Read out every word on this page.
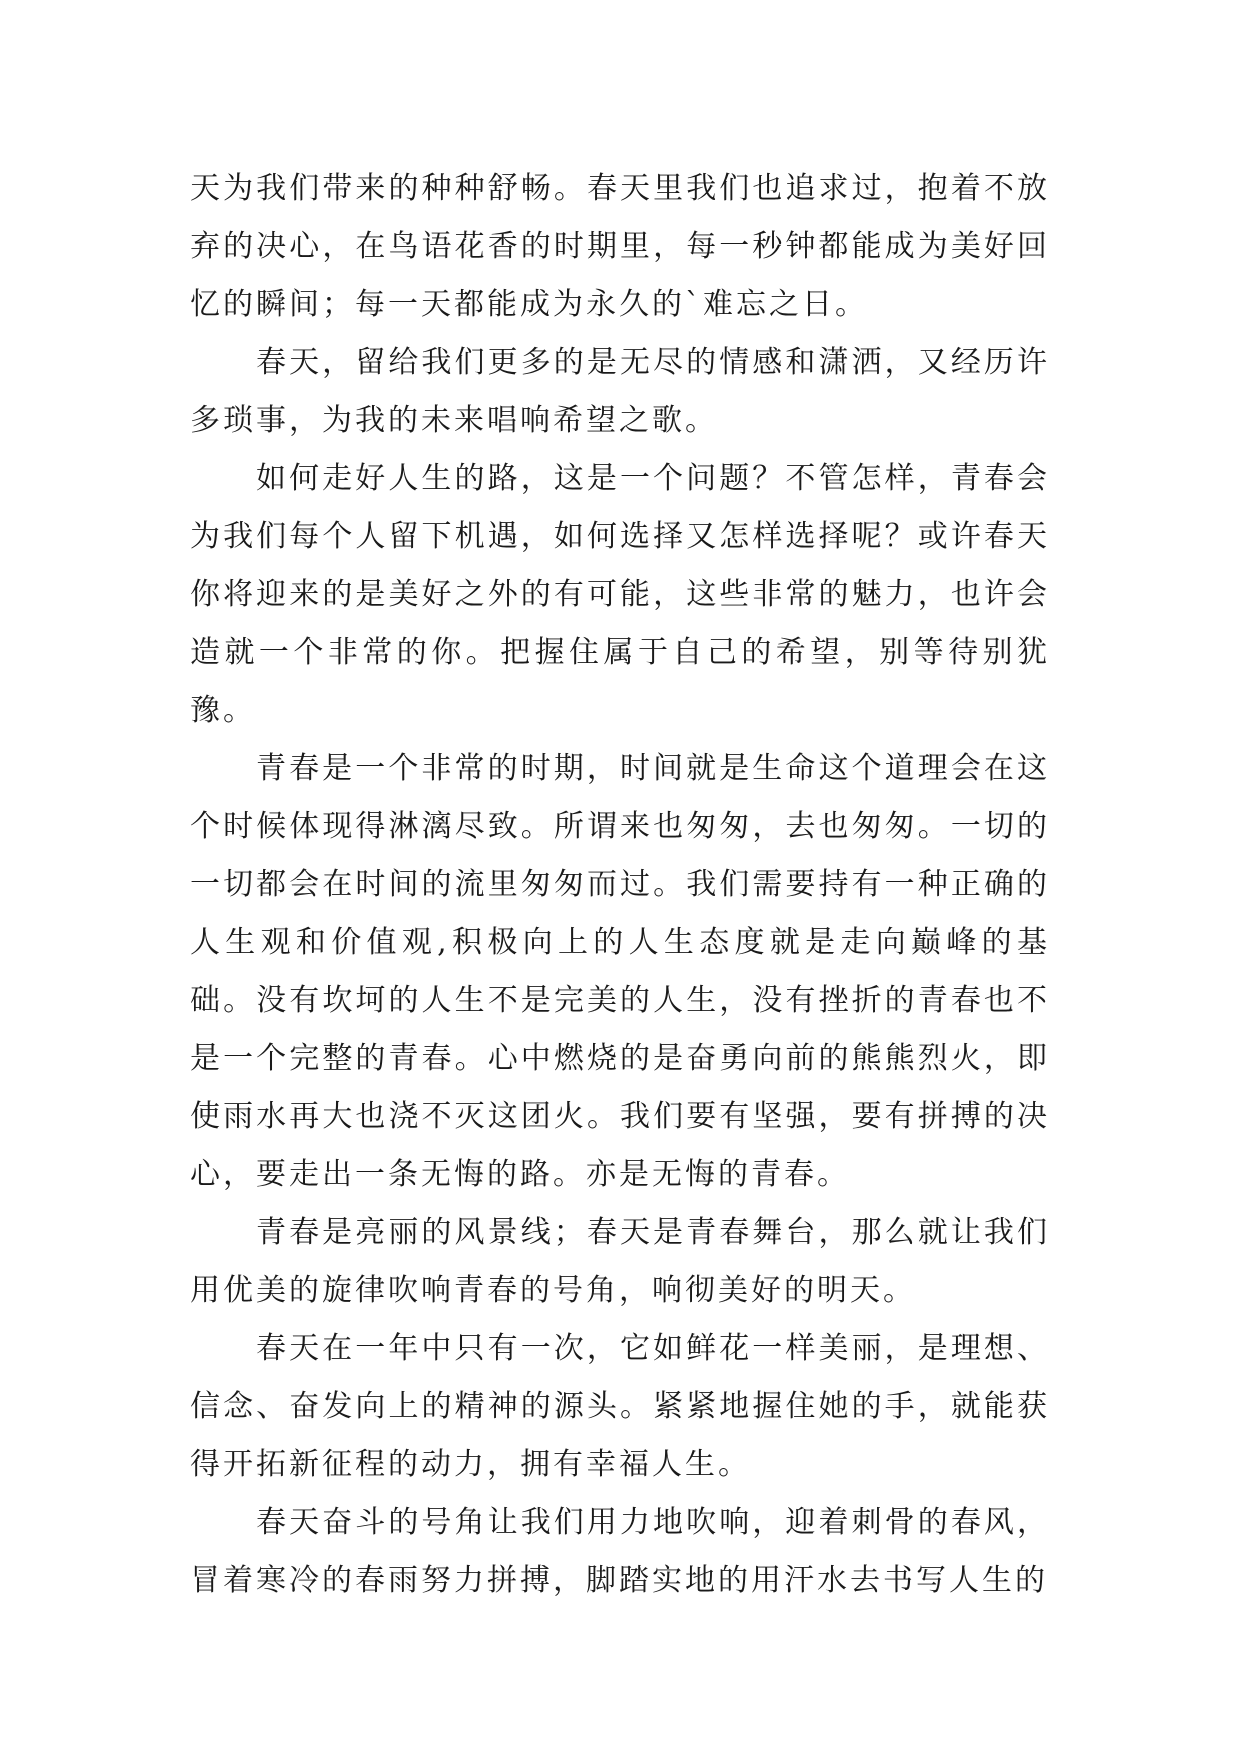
天为我们带来的种种舒畅。春天里我们也追求过，抱着不放弃的决心，在鸟语花香的时期里，每一秒钟都能成为美好回忆的瞬间；每一天都能成为永久的`难忘之日。

春天，留给我们更多的是无尽的情感和潇洒，又经历许多琐事，为我的未来唱响希望之歌。

如何走好人生的路，这是一个问题？不管怎样，青春会为我们每个人留下机遇，如何选择又怎样选择呢？或许春天你将迎来的是美好之外的有可能，这些非常的魅力，也许会造就一个非常的你。把握住属于自己的希望，别等待别犹豫。

青春是一个非常的时期，时间就是生命这个道理会在这个时候体现得淋漓尽致。所谓来也匆匆，去也匆匆。一切的一切都会在时间的流里匆匆而过。我们需要持有一种正确的人生观和价值观,积极向上的人生态度就是走向巅峰的基础。没有坎坷的人生不是完美的人生，没有挫折的青春也不是一个完整的青春。心中燃烧的是奋勇向前的熊熊烈火，即使雨水再大也浇不灭这团火。我们要有坚强，要有拼搏的决心，要走出一条无悔的路。亦是无悔的青春。

青春是亮丽的风景线；春天是青春舞台，那么就让我们用优美的旋律吹响青春的号角，响彻美好的明天。

春天在一年中只有一次，它如鲜花一样美丽，是理想、信念、奋发向上的精神的源头。紧紧地握住她的手，就能获得开拓新征程的动力，拥有幸福人生。

春天奋斗的号角让我们用力地吹响，迎着刺骨的春风，冒着寒冷的春雨努力拼搏，脚踏实地的用汗水去书写人生的
